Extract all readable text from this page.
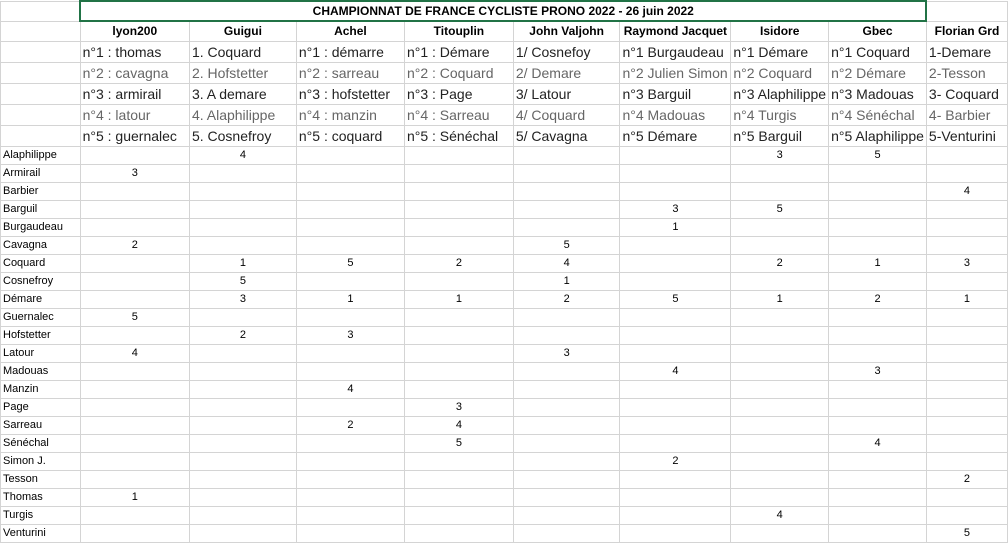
	CHAMPIONNAT DE FRANCE CYCLISTE PRONO 2022 - 26 juin 2022								
	lyon200	Guigui	Achel	Titouplin	John Valjohn	Raymond Jacquet	Isidore	Gbec	Florian Grd
	n°1 : thomas	1. Coquard	n°1 : démarre	n°1 : Démare	1/ Cosnefoy	n°1 Burgaudeau	n°1 Démare	n°1 Coquard	1-Demare
	n°2 : cavagna	2. Hofstetter	n°2 : sarreau	n°2 : Coquard	2/ Demare	n°2 Julien Simon	n°2 Coquard	n°2 Démare	2-Tesson
	n°3 : armirail	3. A demare	n°3 : hofstetter	n°3 : Page	3/ Latour	n°3 Barguil	n°3 Alaphilippe	n°3 Madouas	3- Coquard
	n°4 : latour	4. Alaphilippe	n°4 : manzin	n°4 : Sarreau	4/ Coquard	n°4 Madouas	n°4 Turgis	n°4 Sénéchal	4- Barbier
	n°5 : guernalec	5. Cosnefroy	n°5 : coquard	n°5 : Sénéchal	5/ Cavagna	n°5 Démare	n°5 Barguil	n°5 Alaphilippe	5-Venturini
Alaphilippe		4					3	5	
Armirail	3								
Barbier									4
Barguil						3	5		
Burgaudeau						1			
Cavagna	2				5				
Coquard		1	5	2	4		2	1	3
Cosnefroy		5			1				
Démare		3	1	1	2	5	1	2	1
Guernalec	5								
Hofstetter		2	3						
Latour	4				3				
Madouas						4		3	
Manzin			4						
Page				3					
Sarreau			2	4					
Sénéchal				5				4	
Simon J.						2			
Tesson									2
Thomas	1								
Turgis							4		
Venturini									5
